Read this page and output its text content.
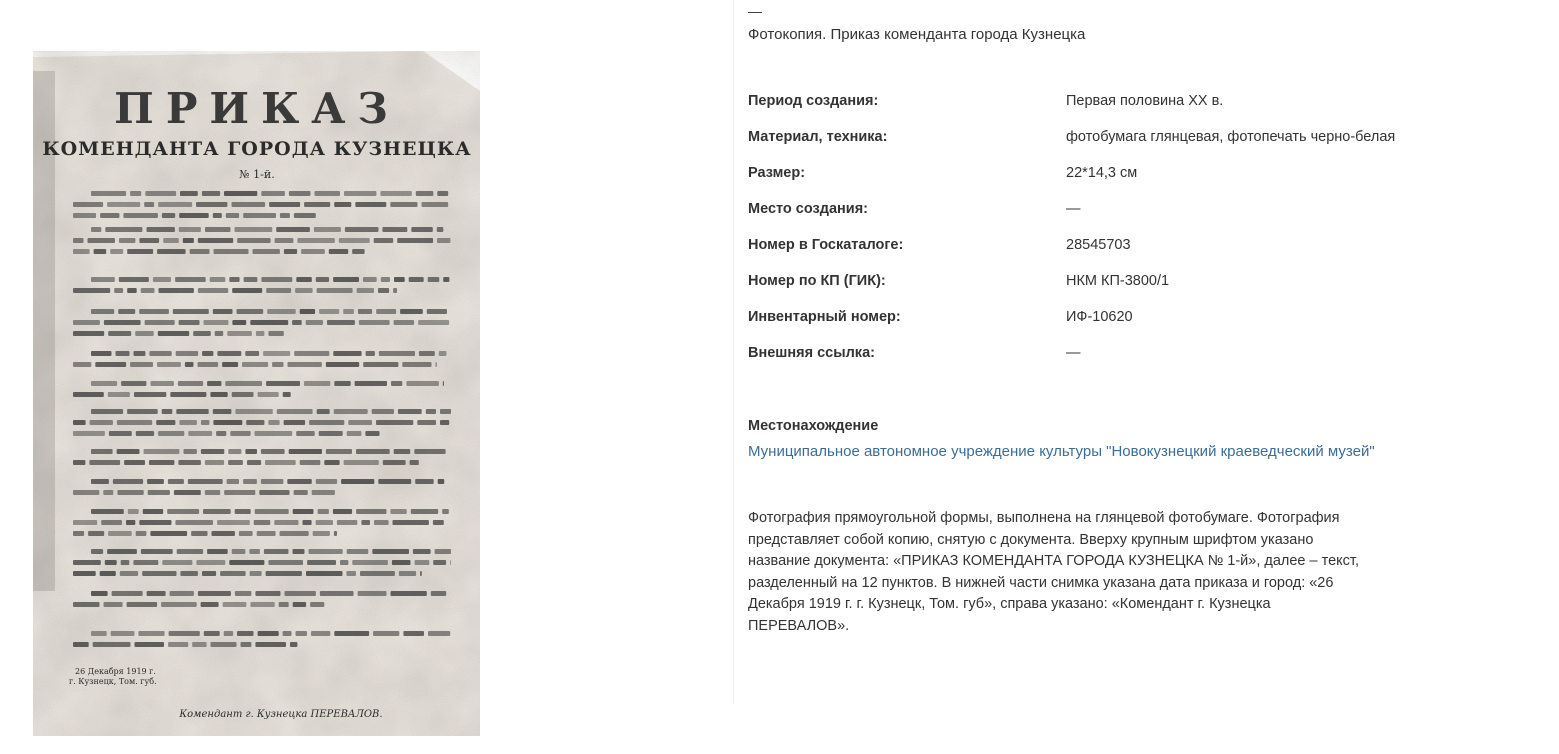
ПРИКАЗ
КОМЕНДАНТА ГОРОДА КУЗНЕЦКА
№ 1-й.
26 Декабря 1919 г.
г. Кузнецк, Том. губ.
Комендант г. Кузнецка ПЕРЕВАЛОВ.
—
Фотокопия. Приказ коменданта города Кузнецка
Период создания:	Первая половина XX в.
Материал, техника:	фотобумага глянцевая, фотопечать черно-белая
Размер:	22*14,3 см
Место создания:	—
Номер в Госкаталоге:	28545703
Номер по КП (ГИК):	НКМ КП-3800/1
Инвентарный номер:	ИФ-10620
Внешняя ссылка:	—
Местонахождение
Муниципальное автономное учреждение культуры "Новокузнецкий краеведческий музей"

Фотография прямоугольной формы, выполнена на глянцевой фотобумаге. Фотография представляет собой копию, снятую с документа. Вверху крупным шрифтом указано название документа: «ПРИКАЗ КОМЕНДАНТА ГОРОДА КУЗНЕЦКА № 1-й», далее – текст, разделенный на 12 пунктов. В нижней части снимка указана дата приказа и город: «26 Декабря 1919 г. г. Кузнецк, Том. губ», справа указано: «Комендант г. Кузнецка ПЕРЕВАЛОВ».
